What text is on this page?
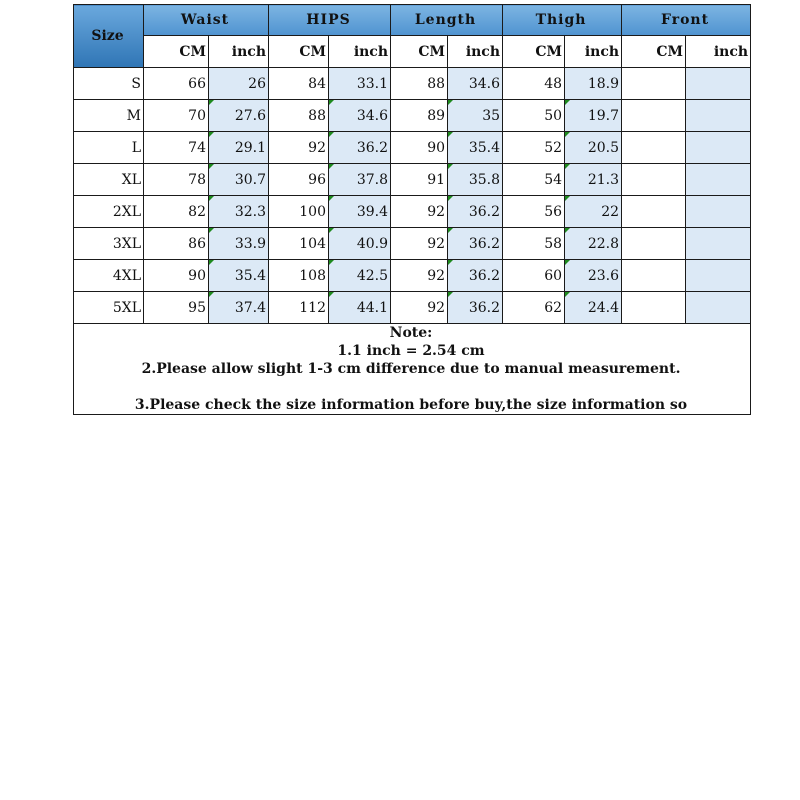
Size	Waist		HIPS		Length		Thigh		Front	
	CM	inch	CM	inch	CM	inch	CM	inch	CM	inch
S	66	26	84	33.1	88	34.6	48	18.9		
M	70	27.6	88	34.6	89	35	50	19.7		
L	74	29.1	92	36.2	90	35.4	52	20.5		
XL	78	30.7	96	37.8	91	35.8	54	21.3		
2XL	82	32.3	100	39.4	92	36.2	56	22		
3XL	86	33.9	104	40.9	92	36.2	58	22.8		
4XL	90	35.4	108	42.5	92	36.2	60	23.6		
5XL	95	37.4	112	44.1	92	36.2	62	24.4		

Note:
1.1 inch = 2.54 cm
2.Please allow slight 1-3 cm difference due to manual measurement.
3.Please check the size information before buy,the size information so										
